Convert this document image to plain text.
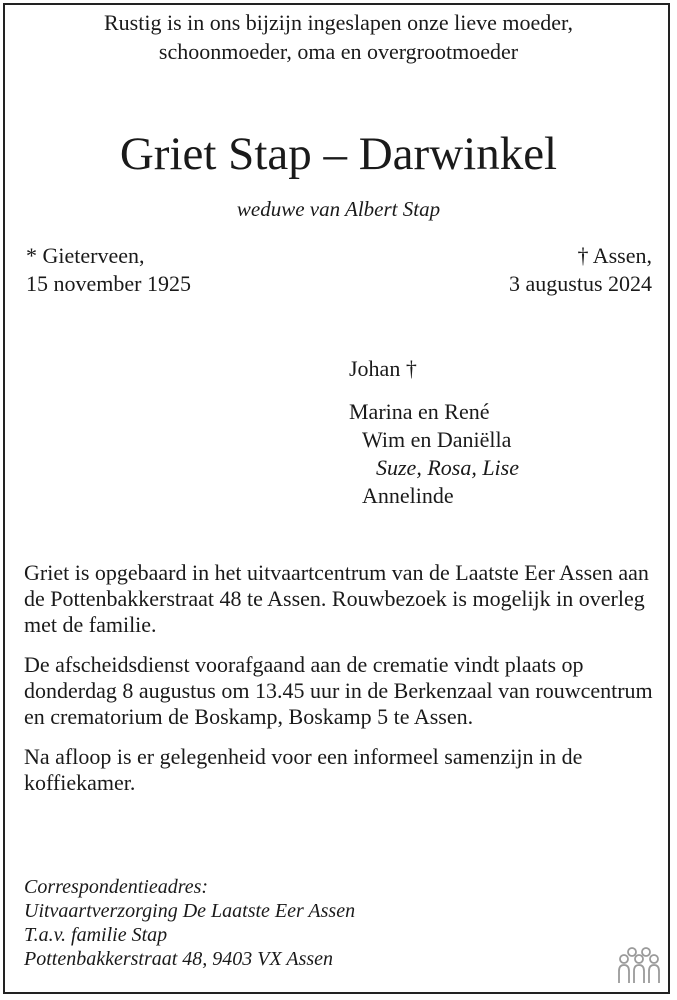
Rustig is in ons bijzijn ingeslapen onze lieve moeder,
schoonmoeder, oma en overgrootmoeder
Griet Stap – Darwinkel
weduwe van Albert Stap
* Gieterveen,
15 november 1925
† Assen,
3 augustus 2024
Johan †
Marina en René
Wim en Daniëlla
Suze, Rosa, Lise
Annelinde

Griet is opgebaard in het uitvaartcentrum van de Laatste Eer Assen aan de Pottenbakkerstraat 48 te Assen. Rouwbezoek is mogelijk in overleg met de familie.

De afscheidsdienst voorafgaand aan de crematie vindt plaats op donderdag 8 augustus om 13.45 uur in de Berkenzaal van rouwcentrum en crematorium de Boskamp, Boskamp 5 te Assen.

Na afloop is er gelegenheid voor een informeel samenzijn in de koffiekamer.

Correspondentieadres:
Uitvaartverzorging De Laatste Eer Assen
T.a.v. familie Stap
Pottenbakkerstraat 48, 9403 VX Assen
